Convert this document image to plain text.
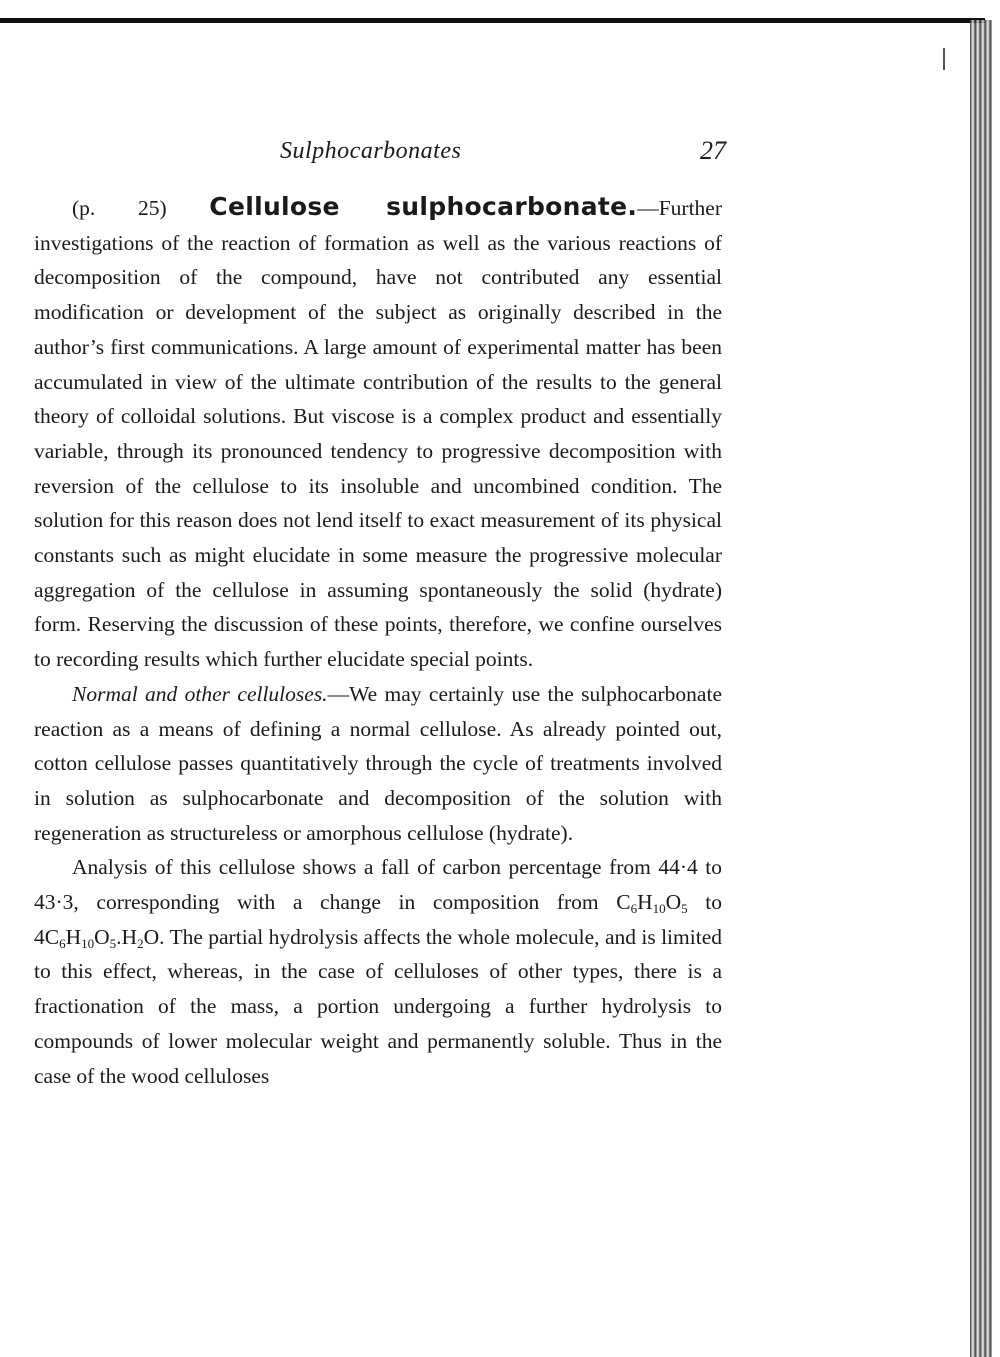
Sulphocarbonates	27

(p. 25) Cellulose sulphocarbonate.—Further investigations of the reaction of formation as well as the various reactions of decomposition of the compound, have not contributed any essential modification or development of the subject as originally described in the author’s first communications. A large amount of experimental matter has been accumulated in view of the ultimate contribution of the results to the general theory of colloidal solutions. But viscose is a complex product and essentially variable, through its pronounced tendency to progressive decomposition with reversion of the cellulose to its insoluble and uncombined condition. The solution for this reason does not lend itself to exact measurement of its physical constants such as might elucidate in some measure the progressive molecular aggregation of the cellulose in assuming spontaneously the solid (hydrate) form. Reserving the discussion of these points, therefore, we confine ourselves to recording results which further elucidate special points.

Normal and other celluloses.—We may certainly use the sulphocarbonate reaction as a means of defining a normal cellulose. As already pointed out, cotton cellulose passes quantitatively through the cycle of treatments involved in solution as sulphocarbonate and decomposition of the solution with regeneration as structureless or amorphous cellulose (hydrate).

Analysis of this cellulose shows a fall of carbon percentage from 44·4 to 43·3, corresponding with a change in composition from $C_6H_{10}O_5$ to $4C_6H_{10}O_5.H_2O$. The partial hydrolysis affects the whole molecule, and is limited to this effect, whereas, in the case of celluloses of other types, there is a fractionation of the mass, a portion undergoing a further hydrolysis to compounds of lower molecular weight and permanently soluble. Thus in the case of the wood celluloses
